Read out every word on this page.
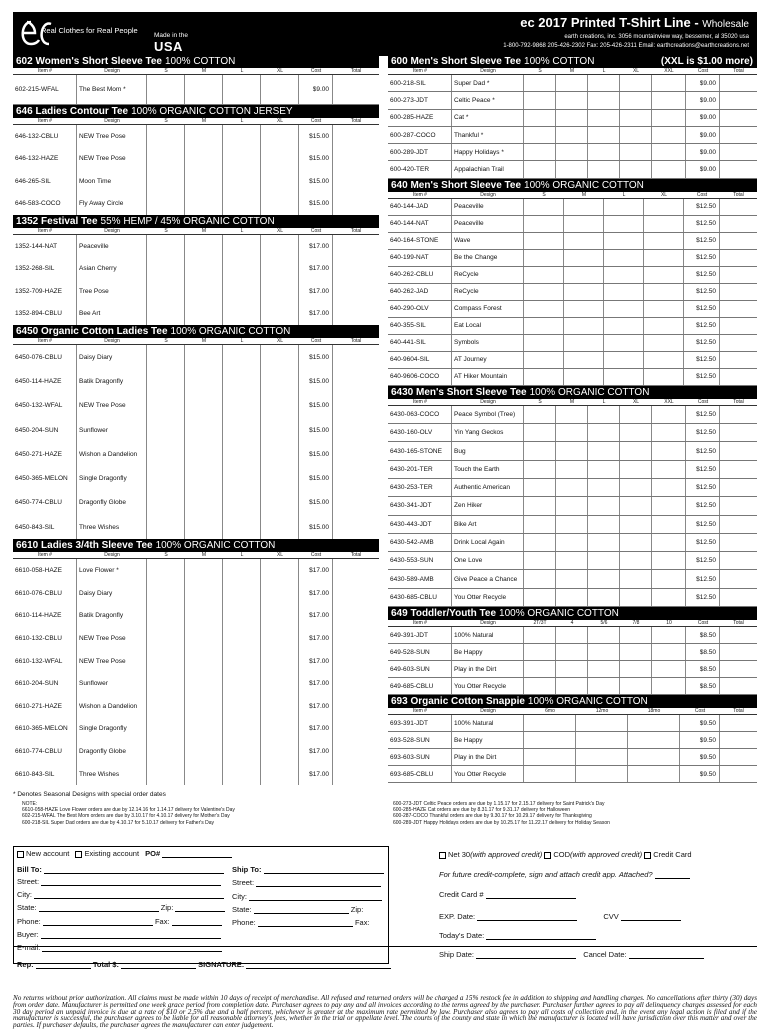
Real Clothes for Real People
Made in the
USA
ec 2017 Printed T-Shirt Line - Wholesale
earth creations, inc. 3056 mountainview way, bessemer, al 35020 usa
1-800-792-9868 205-426-2302 Fax: 205-426-2311 Email: earthcreations@earthcreations.net
602 Women's Short Sleeve Tee 100% COTTON
Item #	Design	S	M	L	XL	Cost	Total
602-215-WFAL	The Best Mom *	$9.00
646 Ladies Contour Tee 100% ORGANIC COTTON JERSEY
Item #	Design	S	M	L	XL	Cost	Total
646-132-CBLU	NEW Tree Pose	$15.00
646-132-HAZE	NEW Tree Pose	$15.00
646-265-SIL	Moon Time	$15.00
646-583-COCO	Fly Away Circle	$15.00
1352 Festival Tee 55% HEMP / 45% ORGANIC COTTON
Item #	Design	S	M	L	XL	Cost	Total
1352-144-NAT	Peaceville	$17.00
1352-268-SIL	Asian Cherry	$17.00
1352-709-HAZE	Tree Pose	$17.00
1352-894-CBLU	Bee Art	$17.00
6450 Organic Cotton Ladies Tee 100% ORGANIC COTTON
Item #	Design	S	M	L	XL	Cost	Total
6450-076-CBLU	Daisy Diary	$15.00
6450-114-HAZE	Batik Dragonfly	$15.00
6450-132-WFAL	NEW Tree Pose	$15.00
6450-204-SUN	Sunflower	$15.00
6450-271-HAZE	Wishon a Dandelion	$15.00
6450-365-MELON	Single Dragonfly	$15.00
6450-774-CBLU	Dragonfly Globe	$15.00
6450-843-SIL	Three Wishes	$15.00
6610 Ladies 3/4th Sleeve Tee 100% ORGANIC COTTON
Item #	Design	S	M	L	XL	Cost	Total
6610-058-HAZE	Love Flower *	$17.00
6610-076-CBLU	Daisy Diary	$17.00
6610-114-HAZE	Batik Dragonfly	$17.00
6610-132-CBLU	NEW Tree Pose	$17.00
6610-132-WFAL	NEW Tree Pose	$17.00
6610-204-SUN	Sunflower	$17.00
6610-271-HAZE	Wishon a Dandelion	$17.00
6610-365-MELON	Single Dragonfly	$17.00
6610-774-CBLU	Dragonfly Globe	$17.00
6610-843-SIL	Three Wishes	$17.00
600 Men's Short Sleeve Tee 100% COTTON	(XXL is $1.00 more)
Item #	Design	S	M	L	XL	XXL	Cost	Total
600-218-SIL	Super Dad *	$9.00
600-273-JDT	Celtic Peace *	$9.00
600-285-HAZE	Cat *	$9.00
600-287-COCO	Thankful *	$9.00
600-289-JDT	Happy Holidays *	$9.00
600-420-TER	Appalachian Trail	$9.00
640 Men's Short Sleeve Tee 100% ORGANIC COTTON
Item #	Design	S	M	L	XL	Cost	Total
640-144-JAD	Peaceville	$12.50
640-144-NAT	Peaceville	$12.50
640-164-STONE	Wave	$12.50
640-199-NAT	Be the Change	$12.50
640-262-CBLU	ReCycle	$12.50
640-262-JAD	ReCycle	$12.50
640-290-OLV	Compass Forest	$12.50
640-355-SIL	Eat Local	$12.50
640-441-SIL	Symbols	$12.50
640-9604-SIL	AT Journey	$12.50
640-9606-COCO	AT Hiker Mountain	$12.50
6430 Men's Short Sleeve Tee 100% ORGANIC COTTON
Item #	Design	S	M	L	XL	XXL	Cost	Total
6430-063-COCO	Peace Symbol (Tree)	$12.50
6430-160-OLV	Yin Yang Geckos	$12.50
6430-165-STONE	Bug	$12.50
6430-201-TER	Touch the Earth	$12.50
6430-253-TER	Authentic American	$12.50
6430-341-JDT	Zen Hiker	$12.50
6430-443-JDT	Bike Art	$12.50
6430-542-AMB	Drink Local Again	$12.50
6430-553-SUN	One Love	$12.50
6430-589-AMB	Give Peace a Chance	$12.50
6430-685-CBLU	You Otter Recycle	$12.50
649 Toddler/Youth Tee 100% ORGANIC COTTON
Item #	Design	2T/3T	4	5/6	7/8	10	Cost	Total
649-391-JDT	100% Natural	$8.50
649-528-SUN	Be Happy	$8.50
649-603-SUN	Play in the Dirt	$8.50
649-685-CBLU	You Otter Recycle	$8.50
693 Organic Cotton Snappie 100% ORGANIC COTTON
Item #	Design	6mo	12mo	18mo	Cost	Total
693-391-JDT	100% Natural	$9.50
693-528-SUN	Be Happy	$9.50
693-603-SUN	Play in the Dirt	$9.50
693-685-CBLU	You Otter Recycle	$9.50
* Denotes Seasonal Designs with special order dates
NOTE:
6610-058-HAZE Love Flower orders are due by 12.14.16 for 1.14.17 delivery for Valentine's Day
602-215-WFAL The Best Mom orders are due by 3.10.17 for 4.10.17 delivery for Mother's Day
600-218-SIL Super Dad orders are due by 4.10.17 for 5.10.17 delivery for Father's Day
600-273-JDT Celtic Peace orders are due by 1.15.17 for 2.15.17 delivery for Saint Patrick's Day
600-285-HAZE Cat orders are due by 8.31.17 for 9.31.17 delivery for Halloween
600-287-COCO Thankful orders are due by 9.30.17 for 10.29.17 delivery for Thanksgiving
600-289-JDT Happy Holidays orders are due by 10.25.17 for 11.22.17 delivery for Holiday Season
New account Existing account PO#
Bill To:	Ship To:
Street:	Street:
City:	City:
State:	Zip:	State:	Zip:
Phone:	Fax:	Phone:	Fax:
Buyer:
E-mail:
Rep:	Total $:	SIGNATURE:
Net 30(with approved credit) COD(with approved credit) Credit Card
For future credit-complete, sign and attach credit app. Attached?
Credit Card #
EXP. Date:	CVV
Today's Date:
Ship Date:	Cancel Date:
No returns without prior authorization. All claims must be made within 10 days of receipt of merchandise. All refused and returned orders will be charged a 15% restock fee in addition to shipping and handling charges. No cancellations after thirty (30) days from order date. Manufacturer is permitted one week grace period from completion date. Purchaser agrees to pay any and all invoices according to the terms agreed by the purchaser. Purchaser further agrees to pay all delinquency charges assessed for each 30 day period an unpaid invoice is due at a rate of $10 or 2.5% due and a half percent, whichever is greater at the maximum rate permitted by law. Purchaser also agrees to pay all costs of collection and, in the event any legal action is filed and if the manufacturer is successful, the purchaser agrees to be liable for all reasonable attorney's fees, whether in the trial or appellate level. The courts of the county and state in which the manufacturer is located will have jurisdiction over this matter and over the parties. If purchaser defaults, the purchaser agrees the manufacturer can enter judgement.
